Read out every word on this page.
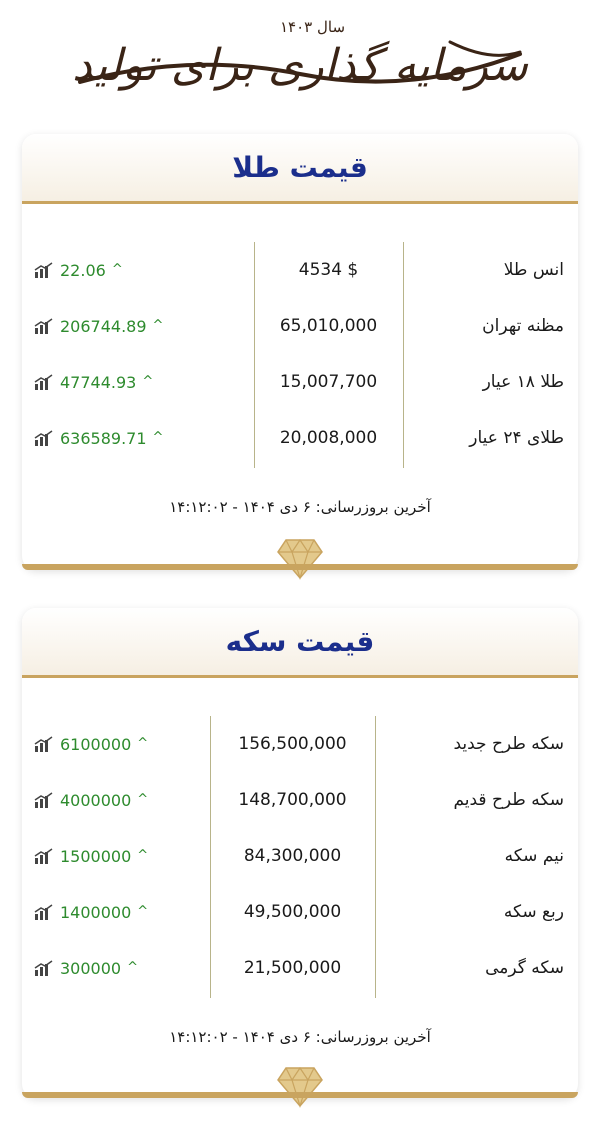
سال ۱۴۰۳
سرمایه گذاری برای تولید
قیمت طلا
انس طلا
4534 $
22.06 ^
مظنه تهران
65,010,000
206744.89 ^
طلا ۱۸ عیار
15,007,700
47744.93 ^
طلای ۲۴ عیار
20,008,000
636589.71 ^
آخرین بروزرسانی: ۶ دی ۱۴۰۴ - ۱۴:۱۲:۰۲
قیمت سکه
سکه طرح جدید
156,500,000
6100000 ^
سکه طرح قدیم
148,700,000
4000000 ^
نیم سکه
84,300,000
1500000 ^
ربع سکه
49,500,000
1400000 ^
سکه گرمی
21,500,000
300000 ^
آخرین بروزرسانی: ۶ دی ۱۴۰۴ - ۱۴:۱۲:۰۲
